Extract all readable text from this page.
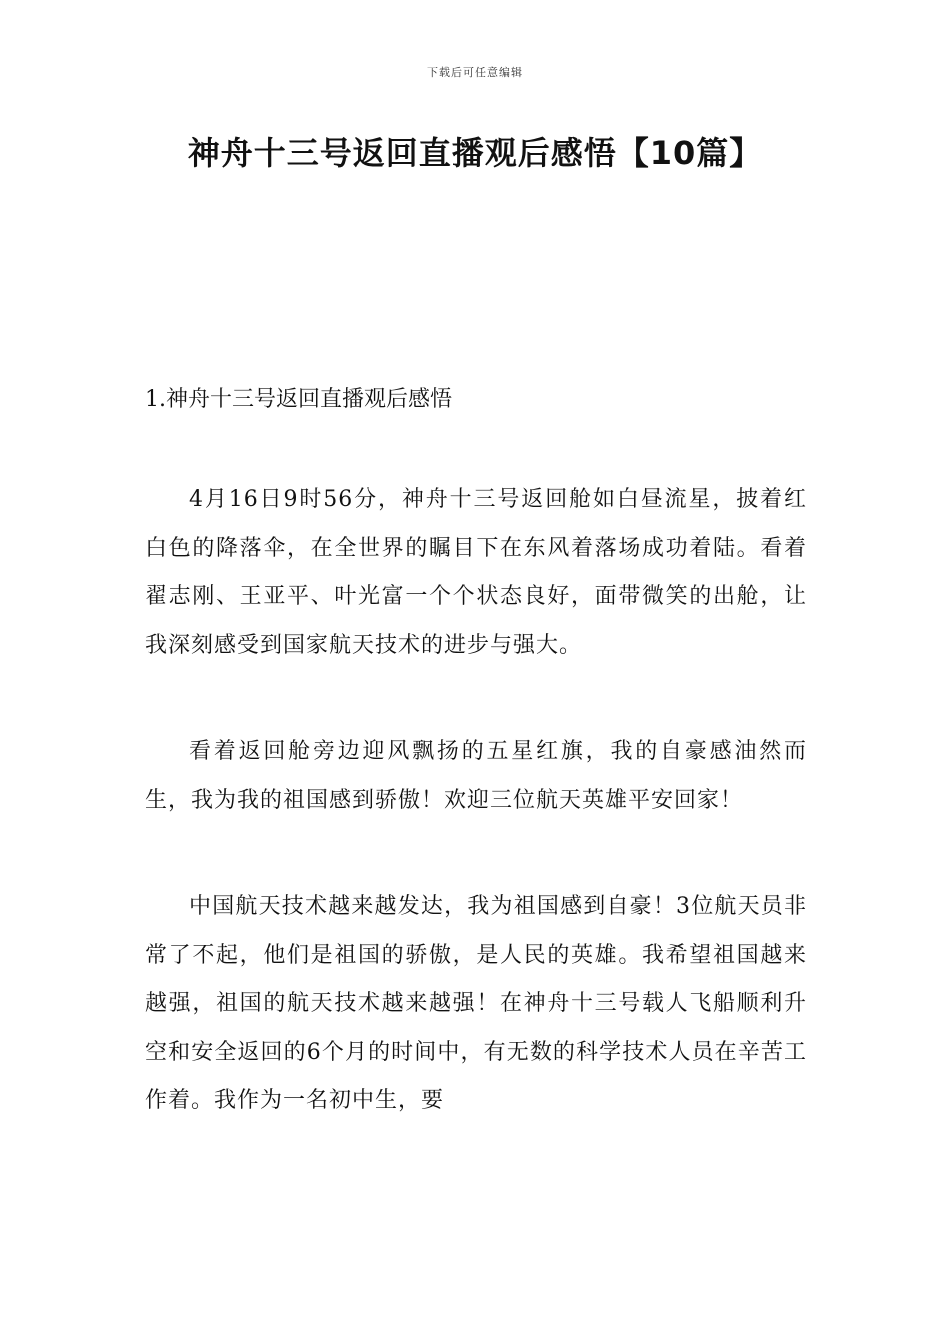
下载后可任意编辑
神舟十三号返回直播观后感悟【10篇】

1.神舟十三号返回直播观后感悟

4月16日9时56分，神舟十三号返回舱如白昼流星，披着红白色的降落伞，在全世界的瞩目下在东风着落场成功着陆。看着翟志刚、王亚平、叶光富一个个状态良好，面带微笑的出舱，让我深刻感受到国家航天技术的进步与强大。

看着返回舱旁边迎风飘扬的五星红旗，我的自豪感油然而生，我为我的祖国感到骄傲！欢迎三位航天英雄平安回家！

中国航天技术越来越发达，我为祖国感到自豪！3位航天员非常了不起，他们是祖国的骄傲，是人民的英雄。我希望祖国越来越强，祖国的航天技术越来越强！在神舟十三号载人飞船顺利升空和安全返回的6个月的时间中，有无数的科学技术人员在辛苦工作着。我作为一名初中生，要
